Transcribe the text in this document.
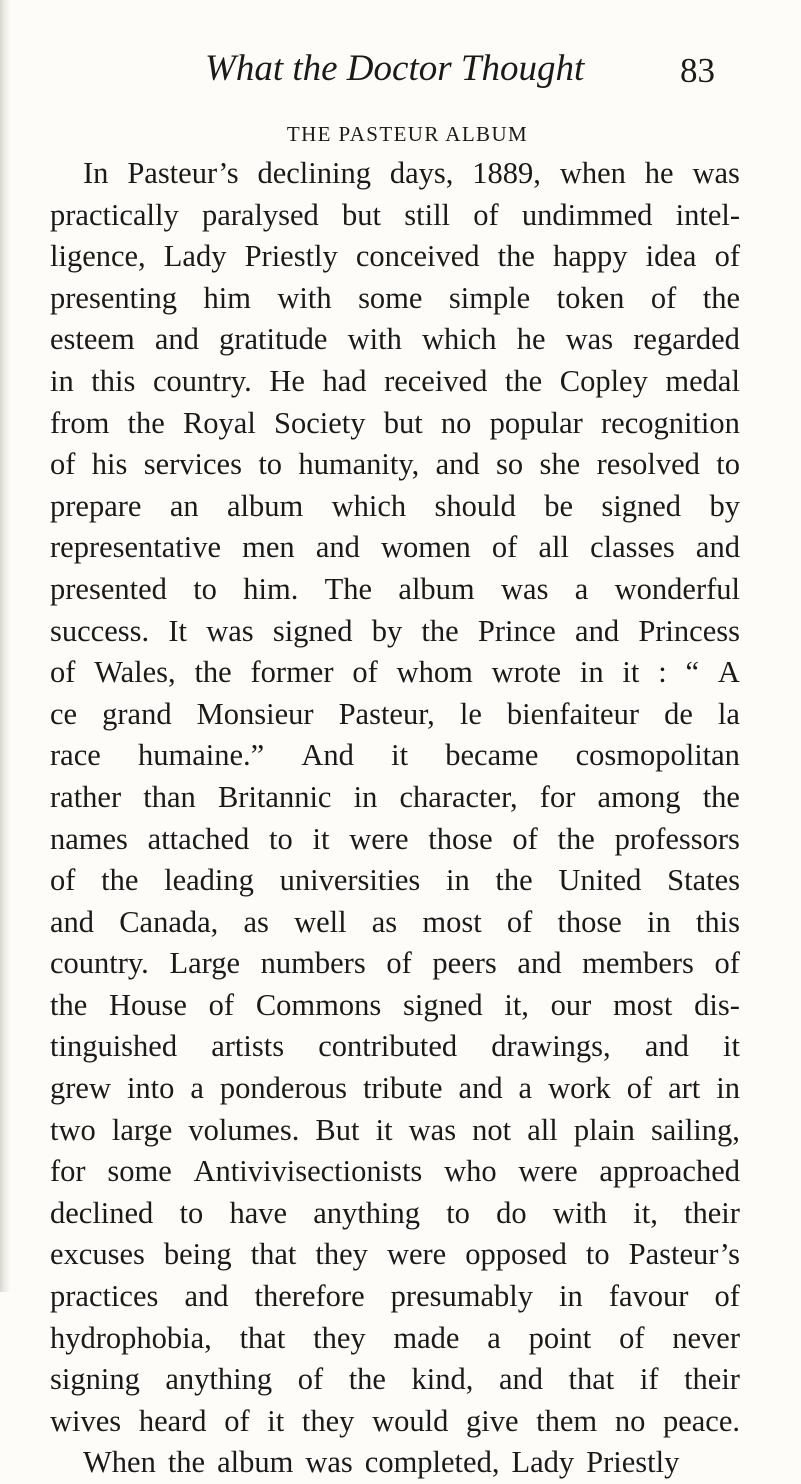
What the Doctor Thought	83
THE PASTEUR ALBUM
In Pasteur’s declining days, 1889, when he was
practically paralysed but still of undimmed intel-
ligence, Lady Priestly conceived the happy idea of
presenting him with some simple token of the
esteem and gratitude with which he was regarded
in this country. He had received the Copley medal
from the Royal Society but no popular recognition
of his services to humanity, and so she resolved to
prepare an album which should be signed by
representative men and women of all classes and
presented to him. The album was a wonderful
success. It was signed by the Prince and Princess
of Wales, the former of whom wrote in it : “ A
ce grand Monsieur Pasteur, le bienfaiteur de la
race humaine.” And it became cosmopolitan
rather than Britannic in character, for among the
names attached to it were those of the professors
of the leading universities in the United States
and Canada, as well as most of those in this
country. Large numbers of peers and members of
the House of Commons signed it, our most dis-
tinguished artists contributed drawings, and it
grew into a ponderous tribute and a work of art in
two large volumes. But it was not all plain sailing,
for some Antivivisectionists who were approached
declined to have anything to do with it, their
excuses being that they were opposed to Pasteur’s
practices and therefore presumably in favour of
hydrophobia, that they made a point of never
signing anything of the kind, and that if their
wives heard of it they would give them no peace.
When the album was completed, Lady Priestly
